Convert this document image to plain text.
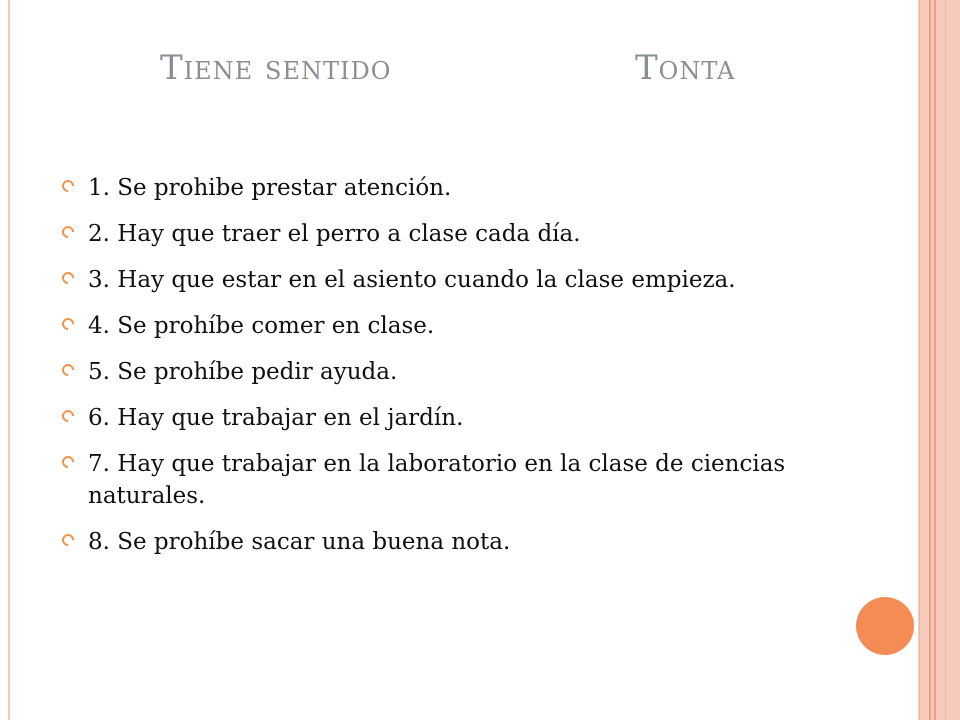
Tiene sentido	Tonta
1. Se prohibe prestar atención.
2. Hay que traer el perro a clase cada día.
3. Hay que estar en el asiento cuando la clase empieza.
4. Se prohíbe comer en clase.
5. Se prohíbe pedir ayuda.
6. Hay que trabajar en el jardín.
7. Hay que trabajar en la laboratorio en la clase de ciencias naturales.
8. Se prohíbe sacar una buena nota.
